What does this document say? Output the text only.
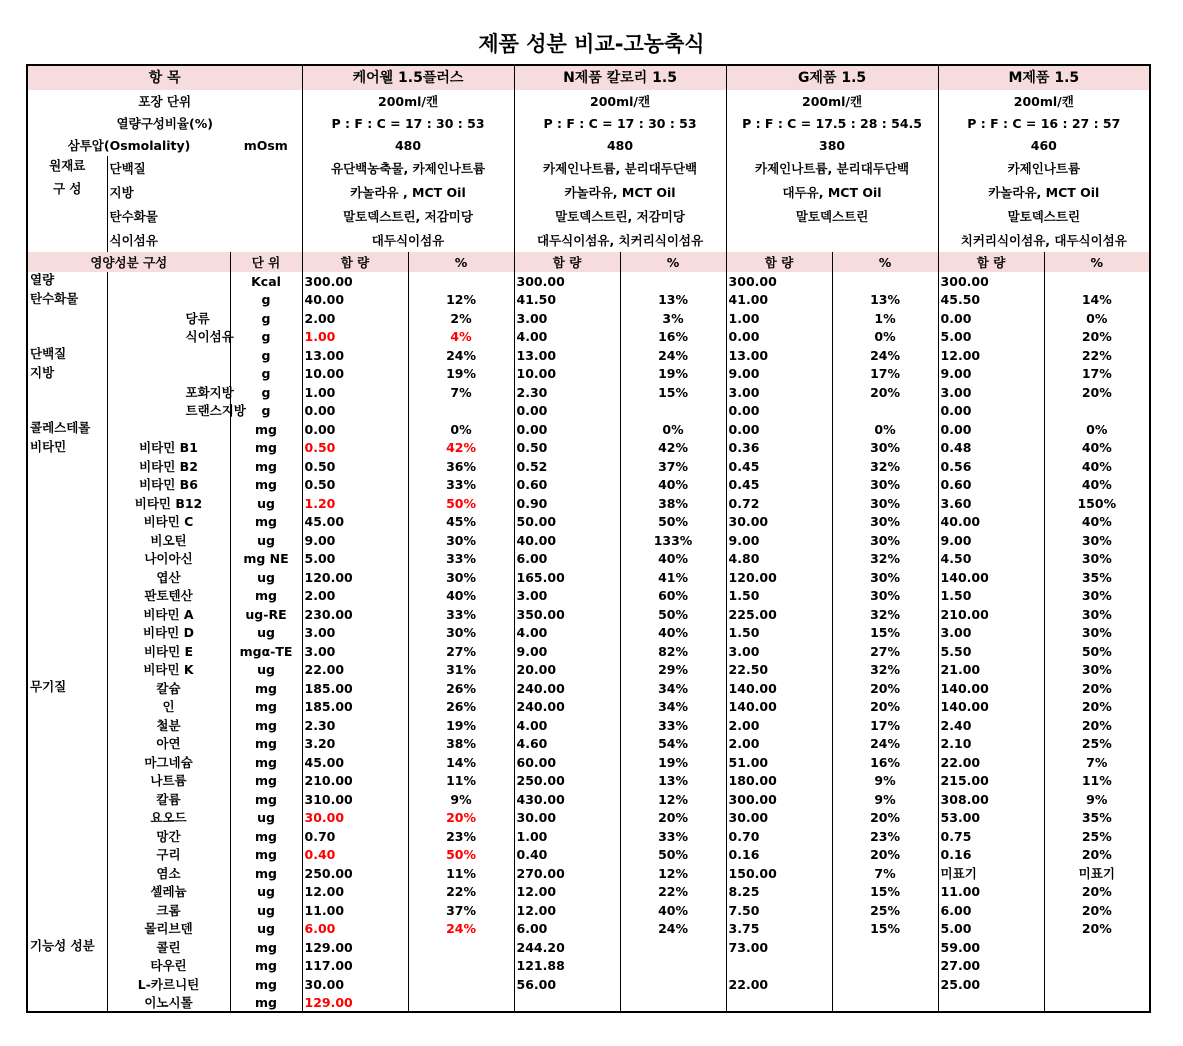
제품 성분 비교-고농축식
항 목			케어웰 1.5플러스		N제품 칼로리 1.5		G제품 1.5		M제품 1.5	
포장 단위			200ml/캔		200ml/캔		200ml/캔		200ml/캔	
열량구성비율(%)			P : F : C = 17 : 30 : 53		P : F : C = 17 : 30 : 53		P : F : C = 17.5 : 28 : 54.5		P : F : C = 16 : 27 : 57	
삼투압(Osmolality)		mOsm	480		480		380		460	

원재료
구 성	단백질		유단백농축물, 카제인나트륨		카제인나트륨, 분리대두단백		카제인나트륨, 분리대두단백		카제인나트륨	
	지방		카놀라유 , MCT Oil		카놀라유, MCT Oil		대두유, MCT Oil		카놀라유, MCT Oil	
	탄수화물		말토덱스트린, 저감미당		말토덱스트린, 저감미당		말토덱스트린		말토덱스트린	
	식이섬유		대두식이섬유		대두식이섬유, 치커리식이섬유				치커리식이섬유, 대두식이섬유	
영양성분 구성		단 위	함 량	%	함 량	%	함 량	%	함 량	%
열량		Kcal	300.00		300.00		300.00		300.00	
탄수화물		g	40.00	12%	41.50	13%	41.00	13%	45.50	14%
	당류	g	2.00	2%	3.00	3%	1.00	1%	0.00	0%
	식이섬유	g	1.00	4%	4.00	16%	0.00	0%	5.00	20%
단백질		g	13.00	24%	13.00	24%	13.00	24%	12.00	22%
지방		g	10.00	19%	10.00	19%	9.00	17%	9.00	17%
	포화지방	g	1.00	7%	2.30	15%	3.00	20%	3.00	20%
	트랜스지방	g	0.00		0.00		0.00		0.00	
콜레스테롤		mg	0.00	0%	0.00	0%	0.00	0%	0.00	0%
비타민	비타민 B1	mg	0.50	42%	0.50	42%	0.36	30%	0.48	40%
	비타민 B2	mg	0.50	36%	0.52	37%	0.45	32%	0.56	40%
	비타민 B6	mg	0.50	33%	0.60	40%	0.45	30%	0.60	40%
	비타민 B12	ug	1.20	50%	0.90	38%	0.72	30%	3.60	150%
	비타민 C	mg	45.00	45%	50.00	50%	30.00	30%	40.00	40%
	비오틴	ug	9.00	30%	40.00	133%	9.00	30%	9.00	30%
	나이아신	mg NE	5.00	33%	6.00	40%	4.80	32%	4.50	30%
	엽산	ug	120.00	30%	165.00	41%	120.00	30%	140.00	35%
	판토텐산	mg	2.00	40%	3.00	60%	1.50	30%	1.50	30%
	비타민 A	ug-RE	230.00	33%	350.00	50%	225.00	32%	210.00	30%
	비타민 D	ug	3.00	30%	4.00	40%	1.50	15%	3.00	30%
	비타민 E	mgα-TE	3.00	27%	9.00	82%	3.00	27%	5.50	50%
	비타민 K	ug	22.00	31%	20.00	29%	22.50	32%	21.00	30%
무기질	칼슘	mg	185.00	26%	240.00	34%	140.00	20%	140.00	20%
	인	mg	185.00	26%	240.00	34%	140.00	20%	140.00	20%
	철분	mg	2.30	19%	4.00	33%	2.00	17%	2.40	20%
	아연	mg	3.20	38%	4.60	54%	2.00	24%	2.10	25%
	마그네슘	mg	45.00	14%	60.00	19%	51.00	16%	22.00	7%
	나트륨	mg	210.00	11%	250.00	13%	180.00	9%	215.00	11%
	칼륨	mg	310.00	9%	430.00	12%	300.00	9%	308.00	9%
	요오드	ug	30.00	20%	30.00	20%	30.00	20%	53.00	35%
	망간	mg	0.70	23%	1.00	33%	0.70	23%	0.75	25%
	구리	mg	0.40	50%	0.40	50%	0.16	20%	0.16	20%
	염소	mg	250.00	11%	270.00	12%	150.00	7%	미표기	미표기
	셀레늄	ug	12.00	22%	12.00	22%	8.25	15%	11.00	20%
	크롬	ug	11.00	37%	12.00	40%	7.50	25%	6.00	20%
	몰리브덴	ug	6.00	24%	6.00	24%	3.75	15%	5.00	20%
기능성 성분	콜린	mg	129.00		244.20		73.00		59.00	
	타우린	mg	117.00		121.88				27.00	
	L-카르니틴	mg	30.00		56.00		22.00		25.00	
	이노시톨	mg	129.00							
